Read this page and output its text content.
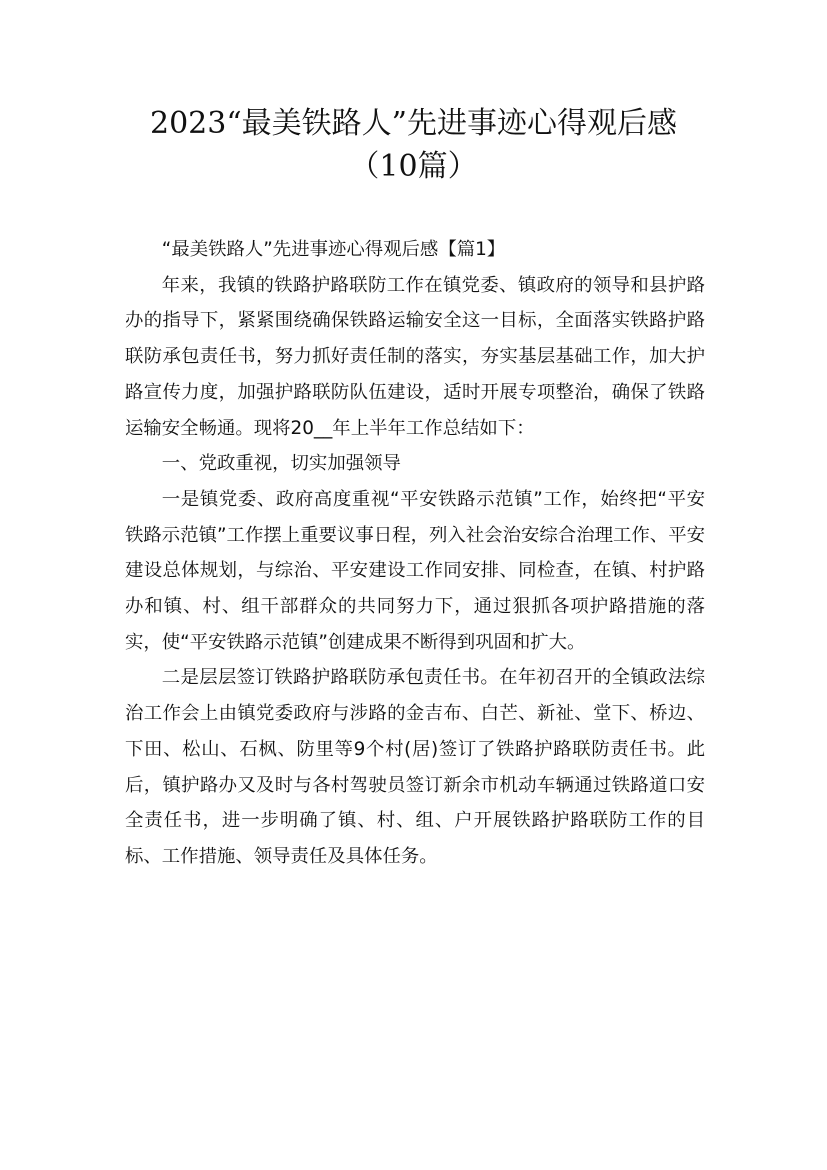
2023“最美铁路人”先进事迹心得观后感
（10篇）

“最美铁路人”先进事迹心得观后感【篇1】

年来，我镇的铁路护路联防工作在镇党委、镇政府的领导和县护路办的指导下，紧紧围绕确保铁路运输安全这一目标，全面落实铁路护路联防承包责任书，努力抓好责任制的落实，夯实基层基础工作，加大护路宣传力度，加强护路联防队伍建设，适时开展专项整治，确保了铁路运输安全畅通。现将20__年上半年工作总结如下：

一、党政重视，切实加强领导

一是镇党委、政府高度重视“平安铁路示范镇”工作，始终把“平安铁路示范镇”工作摆上重要议事日程，列入社会治安综合治理工作、平安建设总体规划，与综治、平安建设工作同安排、同检查，在镇、村护路办和镇、村、组干部群众的共同努力下，通过狠抓各项护路措施的落实，使“平安铁路示范镇”创建成果不断得到巩固和扩大。

二是层层签订铁路护路联防承包责任书。在年初召开的全镇政法综治工作会上由镇党委政府与涉路的金吉布、白芒、新祉、堂下、桥边、下田、松山、石枫、防里等9个村(居)签订了铁路护路联防责任书。此后，镇护路办又及时与各村驾驶员签订新余市机动车辆通过铁路道口安全责任书，进一步明确了镇、村、组、户开展铁路护路联防工作的目标、工作措施、领导责任及具体任务。
